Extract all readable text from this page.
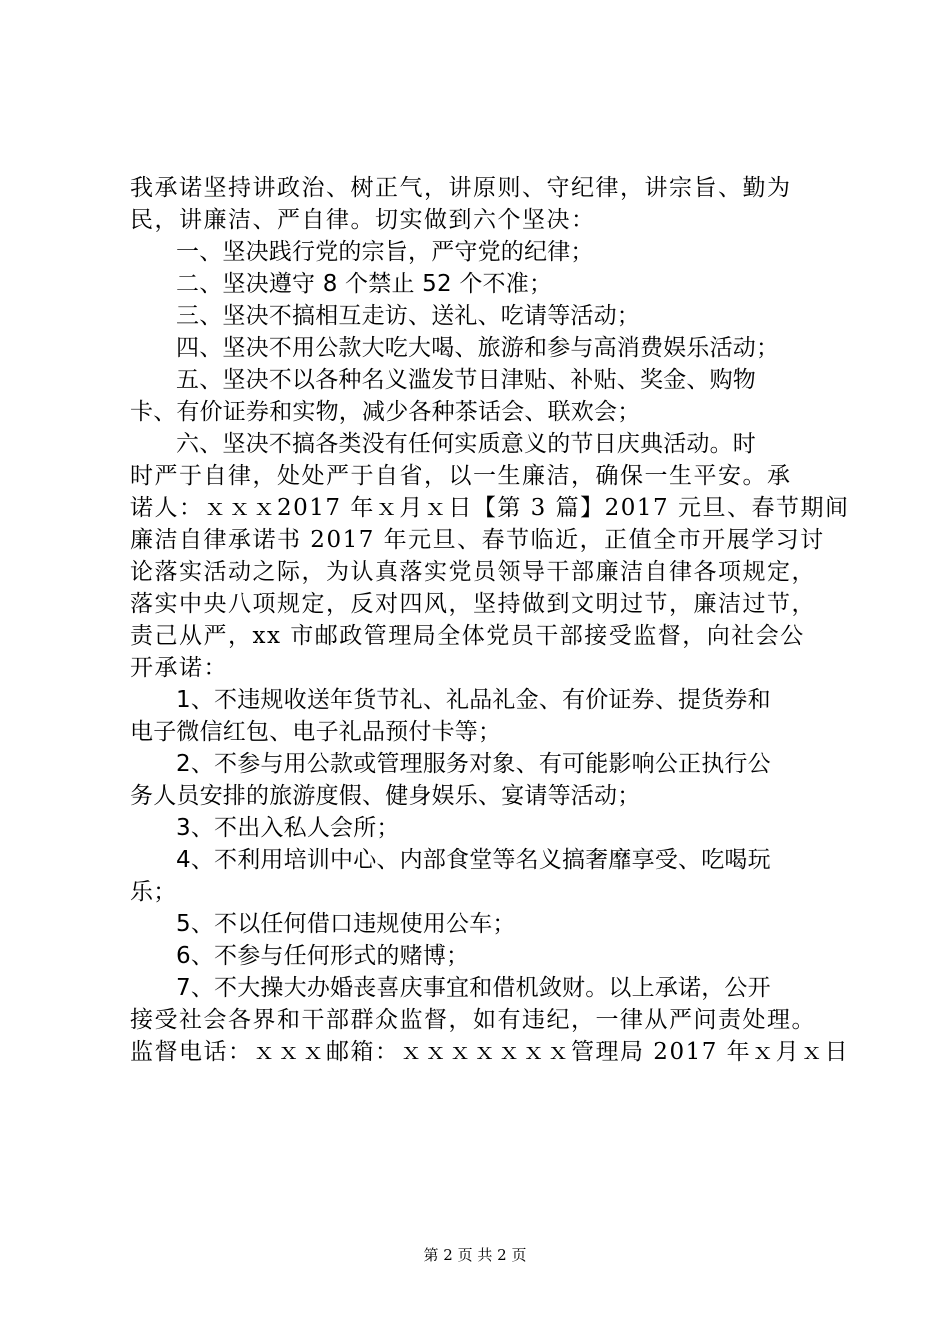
我承诺坚持讲政治、树正气，讲原则、守纪律，讲宗旨、勤为
民，讲廉洁、严自律。切实做到六个坚决：
一、坚决践行党的宗旨，严守党的纪律；
二、坚决遵守 8 个禁止 52 个不准；
三、坚决不搞相互走访、送礼、吃请等活动；
四、坚决不用公款大吃大喝、旅游和参与高消费娱乐活动；
五、坚决不以各种名义滥发节日津贴、补贴、奖金、购物
卡、有价证券和实物，减少各种茶话会、联欢会；
六、坚决不搞各类没有任何实质意义的节日庆典活动。时
时严于自律，处处严于自省，以一生廉洁，确保一生平安。承
诺人：ｘｘｘ2017 年ｘ月ｘ日【第 3 篇】2017 元旦、春节期间
廉洁自律承诺书 2017 年元旦、春节临近，正值全市开展学习讨
论落实活动之际，为认真落实党员领导干部廉洁自律各项规定，
落实中央八项规定，反对四风，坚持做到文明过节，廉洁过节，
责己从严，xx 市邮政管理局全体党员干部接受监督，向社会公
开承诺：
1、不违规收送年货节礼、礼品礼金、有价证券、提货券和
电子微信红包、电子礼品预付卡等；
2、不参与用公款或管理服务对象、有可能影响公正执行公
务人员安排的旅游度假、健身娱乐、宴请等活动；
3、不出入私人会所；
4、不利用培训中心、内部食堂等名义搞奢靡享受、吃喝玩
乐；
5、不以任何借口违规使用公车；
6、不参与任何形式的赌博；
7、不大操大办婚丧喜庆事宜和借机敛财。以上承诺，公开
接受社会各界和干部群众监督，如有违纪，一律从严问责处理。
监督电话：ｘｘｘ邮箱：ｘｘｘｘｘｘｘ管理局 2017 年ｘ月ｘ日
第 2 页 共 2 页
